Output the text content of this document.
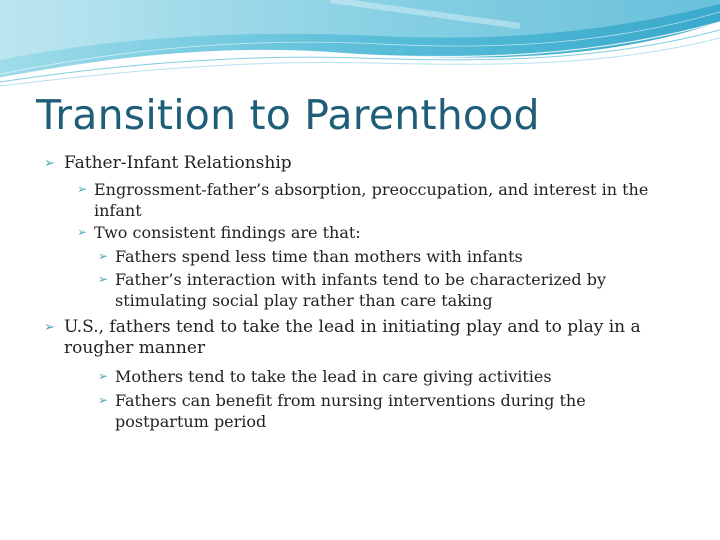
Transition to Parenthood

➢ Father-Infant Relationship

➢ Engrossment-father’s absorption, preoccupation, and interest in the infant

➢ Two consistent findings are that:

➢ Fathers spend less time than mothers with infants

➢ Father’s interaction with infants tend to be characterized by stimulating social play rather than care taking

➢ U.S., fathers tend to take the lead in initiating play and to play in a rougher manner

➢ Mothers tend to take the lead in care giving activities

➢ Fathers can benefit from nursing interventions during the postpartum period
